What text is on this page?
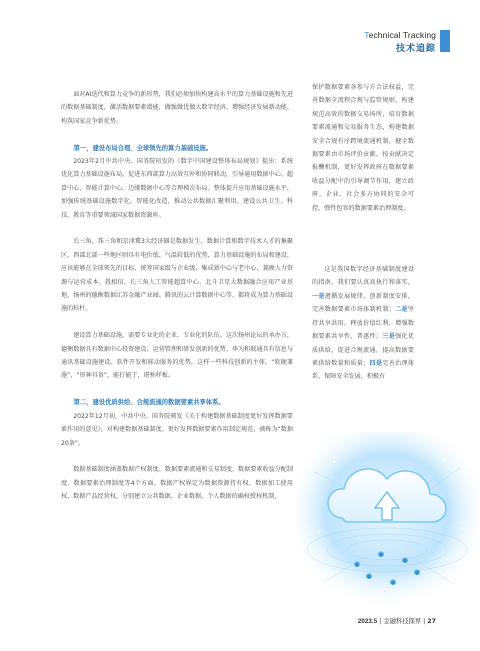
Technical Tracking
技术追踪

面对AI迭代和算力竞争的新形势，我们必须加快构建高水平的算力基础设施和先进的数据基础制度，激活数据要素潜能，做强做优做大数字经济，增强经济发展新动能，构筑国家竞争新优势。

第一，建设布局合理、全球领先的算力基础设施。

2023年2月中共中央、国务院印发的《数字中国建设整体布局规划》提出：系统优化算力基础设施布局，促进东西部算力高效互补和协同联动，引导通用数据中心、超算中心、智能计算中心、边缘数据中心等合理梯次布局。整体提升应用基础设施水平，加强传统基础设施数字化、智能化改造，推动公共数据汇聚利用，建设公共卫生、科技、教育等重要领域国家数据资源库。

长三角、珠三角和京津冀3大经济圈是数据发生、数据计算和数字技术人才的集聚区，西部北部一些地区则具有电价低、气温较低的优势，算力基础设施的布局和建设，应该能够在全球领先的目标，统筹国家级与企业级，集成新中心与老中心，兼顾人力资源与运营成本。我相信，长三角人工智能超算中心、北斗卫星大数据融合应用产业基地、扬州的德衡数据江苏金融产业园、腾讯的云计算数据中心等，都将成为算力基础设施的标杆。

建设算力基础设施，需要专业化的企业、专业化的队伍。这次扬州论坛的承办方，德衡数据具有数据中心投资建设、运营管理和研发创新的优势，华为和联通具有信息与通讯基础设施建设、软件开发和移动服务的优势，这样一些科技创新的主体，“软硬兼施”，“形神具备”，能打能干，堪称样板。

第二，建设优质供给、合规流通的数据要素共享体系。

2022年12月初，中共中央、国务院颁发《关于构建数据基础制度更好发挥数据要素作用的意见》，对构建数据基础制度、更好发挥数据要素作用制定规范，被称为“数据20条”。

数据基础制度涵盖数据产权制度、数据要素流通和交易制度、数据要素收益分配制度、数据要素治理制度等4个方面。数据产权界定为数据资源持有权、数据加工使用权、数据产品经营权，分别建立公共数据、企业数据、个人数据的确权授权机制，

保护数据要素各参与方合法权益，完善数据全流程合规与监管规则，构建规范高效的数据交易场所，培育数据要素流通和交易服务生态，构建数据安全合规有序跨境流通机制，健全数据要素由市场评价贡献、按贡献决定报酬机制，更好发挥政府在数据要素收益分配中的引导调节作用，建立政府、企业、社会多方协同的安全可控、弹性包容的数据要素治理制度。

这是我国数字经济基础制度建设的指南，我们要认真真执行和落实，一是遵循发展规律，创新制度安排，完善数据要素市场体制机制；二是坚持共享共用，释放价值红利，增强数据要素共享性、普惠性；三是强化优质供给，促进合规流通，提高数据要素供给数量和质量；四是完善治理体系，保障安全发展，积极有

2023.5 | 金融科技探界 | 27
